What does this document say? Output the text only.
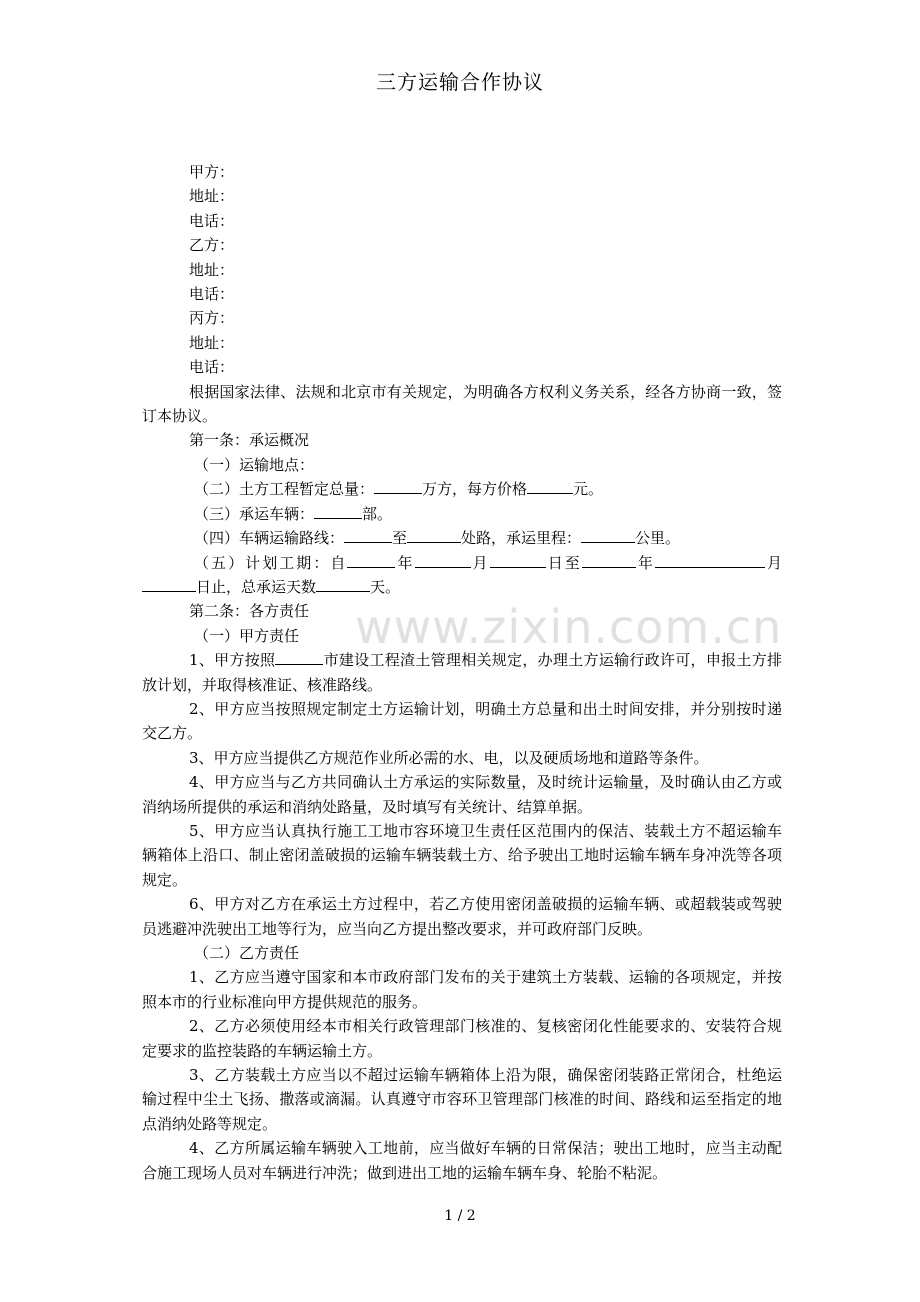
三方运输合作协议
www.zixin.com.cn

甲方：

地址：

电话：

乙方：

地址：

电话：

丙方：

地址：

电话：

根据国家法律、法规和北京市有关规定，为明确各方权利义务关系，经各方协商一致，签订本协议。

第一条：承运概况

（一）运输地点：

（二）土方工程暂定总量：	万方，每方价格	元。

（三）承运车辆：	部。

（四）车辆运输路线：	至	处路，承运里程：	公里。

（五）计划工期：自	年	月	日至	年	月日止，总承运天数	天。

第二条：各方责任

（一）甲方责任

1、甲方按照	市建设工程渣土管理相关规定，办理土方运输行政许可，申报土方排放计划，并取得核准证、核准路线。

2、甲方应当按照规定制定土方运输计划，明确土方总量和出土时间安排，并分别按时递交乙方。

3、甲方应当提供乙方规范作业所必需的水、电，以及硬质场地和道路等条件。

4、甲方应当与乙方共同确认土方承运的实际数量，及时统计运输量，及时确认由乙方或消纳场所提供的承运和消纳处路量，及时填写有关统计、结算单据。

5、甲方应当认真执行施工工地市容环境卫生责任区范围内的保洁、装载土方不超运输车辆箱体上沿口、制止密闭盖破损的运输车辆装载土方、给予驶出工地时运输车辆车身冲洗等各项规定。

6、甲方对乙方在承运土方过程中，若乙方使用密闭盖破损的运输车辆、或超载装或驾驶员逃避冲洗驶出工地等行为，应当向乙方提出整改要求，并可政府部门反映。

（二）乙方责任

1、乙方应当遵守国家和本市政府部门发布的关于建筑土方装载、运输的各项规定，并按照本市的行业标准向甲方提供规范的服务。

2、乙方必须使用经本市相关行政管理部门核准的、复核密闭化性能要求的、安装符合规定要求的监控装路的车辆运输土方。

3、乙方装载土方应当以不超过运输车辆箱体上沿为限，确保密闭装路正常闭合，杜绝运输过程中尘土飞扬、撒落或滴漏。认真遵守市容环卫管理部门核准的时间、路线和运至指定的地点消纳处路等规定。

4、乙方所属运输车辆驶入工地前，应当做好车辆的日常保洁；驶出工地时，应当主动配合施工现场人员对车辆进行冲洗；做到进出工地的运输车辆车身、轮胎不粘泥。

1 / 2
